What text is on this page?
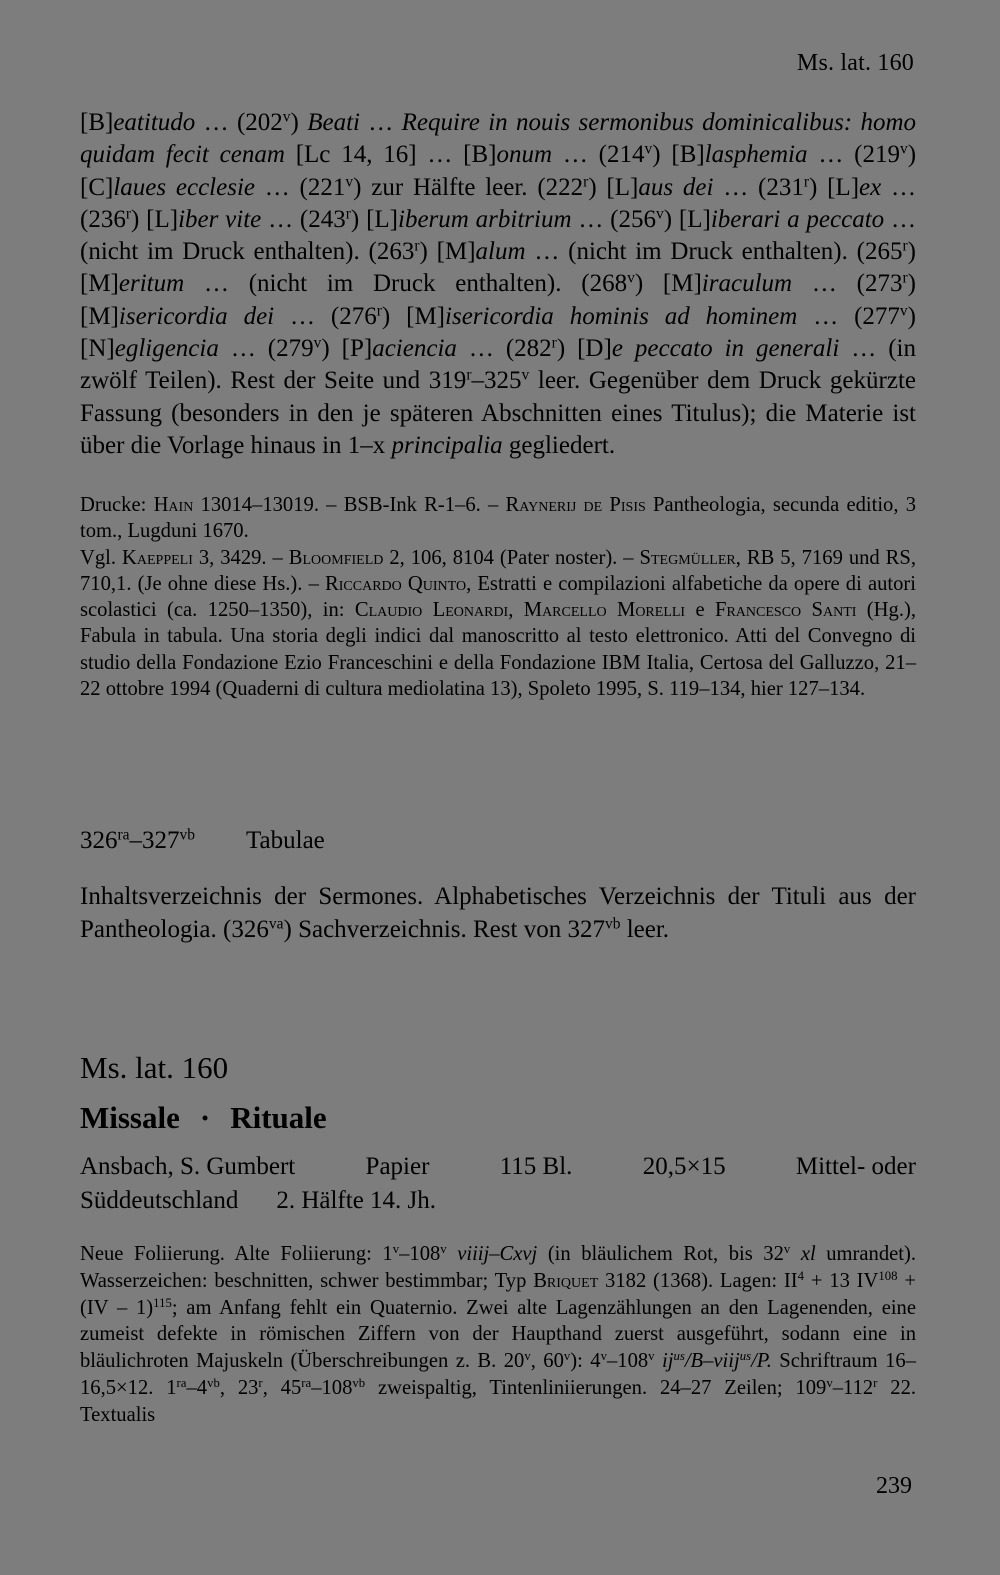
Ms. lat. 160
[B]eatitudo … (202$^v$) Beati … Require in nouis sermonibus dominicalibus: homo quidam fecit cenam [Lc 14, 16] … [B]onum … (214$^v$) [B]lasphemia … (219$^v$) [C]laues ecclesie … (221$^v$) zur Hälfte leer. (222$^r$) [L]aus dei … (231$^r$) [L]ex … (236$^r$) [L]iber vite … (243$^r$) [L]iberum arbitrium … (256$^v$) [L]iberari a peccato … (nicht im Druck enthalten). (263$^r$) [M]alum … (nicht im Druck enthalten). (265$^r$) [M]eritum … (nicht im Druck enthalten). (268$^v$) [M]iraculum … (273$^r$) [M]isericordia dei … (276$^r$) [M]isericordia hominis ad hominem … (277$^v$) [N]egligencia … (279$^v$) [P]aciencia … (282$^r$) [D]e peccato in generali … (in zwölf Teilen). Rest der Seite und 319$^r$–325$^v$ leer. Gegenüber dem Druck gekürzte Fassung (besonders in den je späteren Abschnitten eines Titulus); die Materie ist über die Vorlage hinaus in 1–x principalia gegliedert.

Drucke: Hain 13014–13019. – BSB-Ink R-1–6. – Raynerij de Pisis Pantheologia, secunda editio, 3 tom., Lugduni 1670.

Vgl. Kaeppeli 3, 3429. – Bloomfield 2, 106, 8104 (Pater noster). – Stegmüller, RB 5, 7169 und RS, 710,1. (Je ohne diese Hs.). – Riccardo Quinto, Estratti e compilazioni alfabetiche da opere di autori scolastici (ca. 1250–1350), in: Claudio Leonardi, Marcello Morelli e Francesco Santi (Hg.), Fabula in tabula. Una storia degli indici dal manoscritto al testo elettronico. Atti del Convegno di studio della Fondazione Ezio Franceschini e della Fondazione IBM Italia, Certosa del Galluzzo, 21–22 ottobre 1994 (Quaderni di cultura mediolatina 13), Spoleto 1995, S. 119–134, hier 127–134.

$326^{ra}-327^{vb}$ Tabulae
Inhaltsverzeichnis der Sermones. Alphabetisches Verzeichnis der Tituli aus der Pantheologia. $(326^{va})$ Sachverzeichnis. Rest von $327^{vb}$ leer.
Ms. lat. 160
Missale · Rituale
Ansbach, S. Gumbert	Papier	115 Bl.	20,5×15	Mittel- oder
Süddeutschland 2. Hälfte 14. Jh.
Neue Foliierung. Alte Foliierung: 1$^v$–108$^v$ viiij–Cxvj (in bläulichem Rot, bis 32$^v$ xl umrandet). Wasserzeichen: beschnitten, schwer bestimmbar; Typ Briquet 3182 (1368). Lagen: $II^4 + 13$ $IV^{108} + (IV - 1)^{115}$; am Anfang fehlt ein Quaternio. Zwei alte Lagenzählungen an den Lagenenden, eine zumeist defekte in römischen Ziffern von der Haupthand zuerst ausgeführt, sodann eine in bläulichroten Majuskeln (Überschreibungen z. B. 20$^v$, 60$^v$): 4$^v$–108$^v$ $ij^{us}/B-viij^{us}/P$. Schriftraum 16–16,5×12. $1^{ra}-4^{vb}$, 23$^r$, $45^{ra}-108^{vb}$ zweispaltig, Tintenliniierungen. 24–27 Zeilen; 109$^v$–112$^r$ 22. Textualis
239
